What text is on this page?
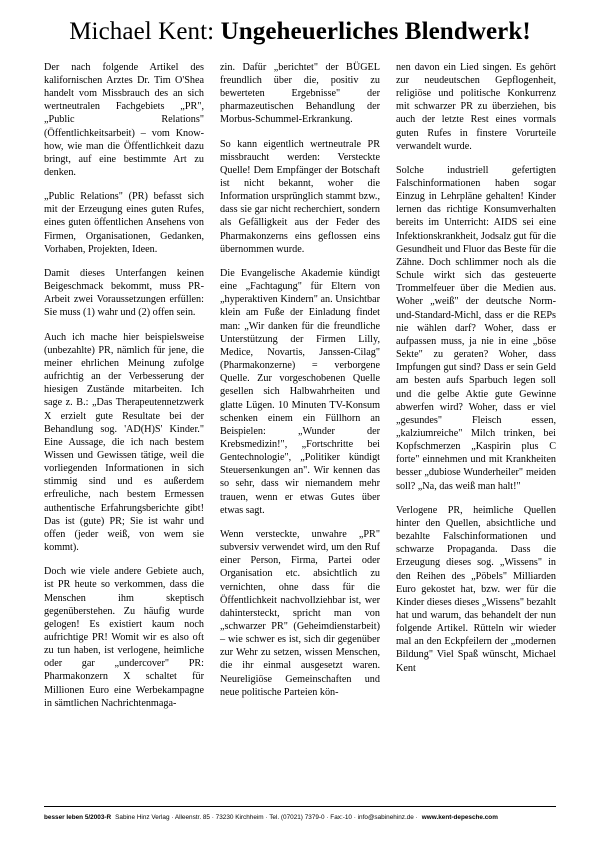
Michael Kent: Ungeheuerliches Blendwerk!

Der nach folgende Artikel des kalifornischen Arztes Dr. Tim O'Shea handelt vom Missbrauch des an sich wertneutralen Fachgebiets „PR", „Public Relations" (Öffentlichkeitsarbeit) – vom Know-how, wie man die Öffentlichkeit dazu bringt, auf eine bestimmte Art zu denken.

„Public Relations" (PR) befasst sich mit der Erzeugung eines guten Rufes, eines guten öffentlichen Ansehens von Firmen, Organisationen, Gedanken, Vorhaben, Projekten, Ideen.

Damit dieses Unterfangen keinen Beigeschmack bekommt, muss PR-Arbeit zwei Voraussetzungen erfüllen: Sie muss (1) wahr und (2) offen sein.

Auch ich mache hier beispielsweise (unbezahlte) PR, nämlich für jene, die meiner ehrlichen Meinung zufolge aufrichtig an der Verbesserung der hiesigen Zustände mitarbeiten. Ich sage z. B.: „Das Therapeutennetzwerk X erzielt gute Resultate bei der Behandlung sog. 'AD(H)S' Kinder." Eine Aussage, die ich nach bestem Wissen und Gewissen tätige, weil die vorliegenden Informationen in sich stimmig sind und es außerdem erfreuliche, nach bestem Ermessen authentische Erfahrungsberichte gibt! Das ist (gute) PR; Sie ist wahr und offen (jeder weiß, von wem sie kommt).

Doch wie viele andere Gebiete auch, ist PR heute so verkommen, dass die Menschen ihm skeptisch gegenüberstehen. Zu häufig wurde gelogen! Es existiert kaum noch aufrichtige PR! Womit wir es also oft zu tun haben, ist verlogene, heimliche oder gar „undercover" PR: Pharmakonzern X schaltet für Millionen Euro eine Werbekampagne in sämtlichen Nachrichtenmaga-

zin. Dafür „berichtet" der BÜGEL freundlich über die, positiv zu bewerteten Ergebnisse" der pharmazeutischen Behandlung der Morbus-Schummel-Erkrankung.

So kann eigentlich wertneutrale PR missbraucht werden: Versteckte Quelle! Dem Empfänger der Botschaft ist nicht bekannt, woher die Information ursprünglich stammt bzw., dass sie gar nicht recherchiert, sondern als Gefälligkeit aus der Feder des Pharmakonzerns eins geflossen eins übernommen wurde.

Die Evangelische Akademie kündigt eine „Fachtagung" für Eltern von „hyperaktiven Kindern" an. Unsichtbar klein am Fuße der Einladung findet man: „Wir danken für die freundliche Unterstützung der Firmen Lilly, Medice, Novartis, Janssen-Cilag" (Pharmakonzerne) = verborgene Quelle. Zur vorgeschobenen Quelle gesellen sich Halbwahrheiten und glatte Lügen. 10 Minuten TV-Konsum schenken einem ein Füllhorn an Beispielen: „Wunder der Krebsmedizin!", „Fortschritte bei Gentechnologie", „Politiker kündigt Steuersenkungen an". Wir kennen das so sehr, dass wir niemandem mehr trauen, wenn er etwas Gutes über etwas sagt.

Wenn versteckte, unwahre „PR" subversiv verwendet wird, um den Ruf einer Person, Firma, Partei oder Organisation etc. absichtlich zu vernichten, ohne dass für die Öffentlichkeit nachvollziehbar ist, wer dahintersteckt, spricht man von „schwarzer PR" (Geheimdienstarbeit) – wie schwer es ist, sich dir gegenüber zur Wehr zu setzen, wissen Menschen, die ihr einmal ausgesetzt waren. Neureligiöse Gemeinschaften und neue politische Parteien kön-

nen davon ein Lied singen. Es gehört zur neudeutschen Gepflogenheit, religiöse und politische Konkurrenz mit schwarzer PR zu überziehen, bis auch der letzte Rest eines vormals guten Rufes in finstere Vorurteile verwandelt wurde.

Solche industriell gefertigten Falschinformationen haben sogar Einzug in Lehrpläne gehalten! Kinder lernen das richtige Konsumverhalten bereits im Unterricht: AIDS sei eine Infektionskrankheit, Jodsalz gut für die Gesundheit und Fluor das Beste für die Zähne. Doch schlimmer noch als die Schule wirkt sich das gesteuerte Trommelfeuer über die Medien aus. Woher „weiß" der deutsche Norm-und-Standard-Michl, dass er die REPs nie wählen darf? Woher, dass er aufpassen muss, ja nie in eine „böse Sekte" zu geraten? Woher, dass Impfungen gut sind? Dass er sein Geld am besten aufs Sparbuch legen soll und die gelbe Aktie gute Gewinne abwerfen wird? Woher, dass er viel „gesundes" Fleisch essen, „kalziumreiche" Milch trinken, bei Kopfschmerzen „Kaspirin plus C forte" einnehmen und mit Krankheiten besser „dubiose Wunderheiler" meiden soll? „Na, das weiß man halt!"

Verlogene PR, heimliche Quellen hinter den Quellen, absichtliche und bezahlte Falschinformationen und schwarze Propaganda. Dass die Erzeugung dieses sog. „Wissens" in den Reihen des „Pöbels" Milliarden Euro gekostet hat, bzw. wer für die Kinder dieses dieses „Wissens" bezahlt hat und warum, das behandelt der nun folgende Artikel. Rütteln wir wieder mal an den Eckpfeilern der „modernen Bildung" Viel Spaß wünscht, Michael Kent

besser leben 5/2003-R Sabine Hinz Verlag · Alleenstr. 85 · 73230 Kirchheim · Tel. (07021) 7379-0 · Fax:-10 · info@sabinehinz.de · www.kent-depesche.com
